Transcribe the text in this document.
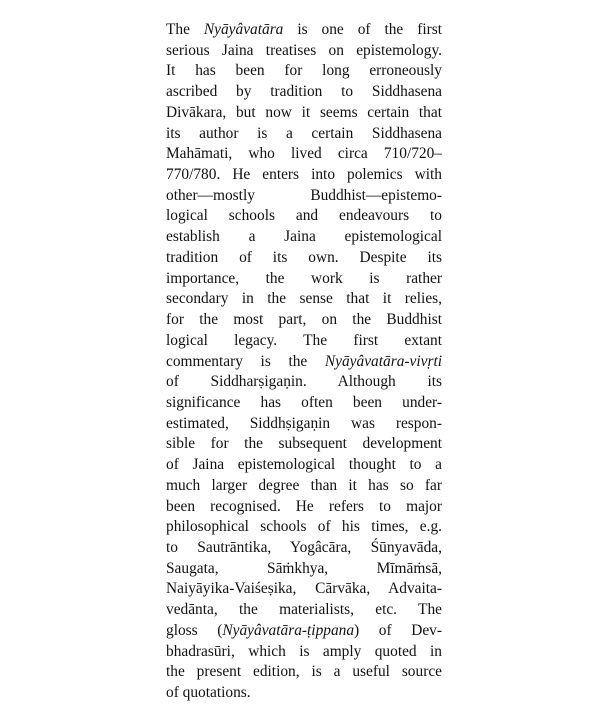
The Nyāyâvatāra is one of the first
serious Jaina treatises on epistemology.
It has been for long erroneously
ascribed by tradition to Siddhasena
Divākara, but now it seems certain that
its author is a certain Siddhasena
Mahāmati, who lived circa 710/720–
770/780. He enters into polemics with
other—mostly Buddhist—epistemo-
logical schools and endeavours to
establish a Jaina epistemological
tradition of its own. Despite its
importance, the work is rather
secondary in the sense that it relies,
for the most part, on the Buddhist
logical legacy. The first extant
commentary is the Nyāyâvatāra-vivṛti
of Siddharṣigaṇin. Although its
significance has often been under-
estimated, Siddhṣigaṇin was respon-
sible for the subsequent development
of Jaina epistemological thought to a
much larger degree than it has so far
been recognised. He refers to major
philosophical schools of his times, e.g.
to Sautrāntika, Yogâcāra, Śūnyavāda,
Saugata, Sāṁkhya, Mīmāṁsā,
Naiyāyika-Vaiśeṣika, Cārvāka, Advaita-
vedānta, the materialists, etc. The
gloss (Nyāyâvatāra-ṭippana) of Dev-
bhadrasūri, which is amply quoted in
the present edition, is a useful source
of quotations.
